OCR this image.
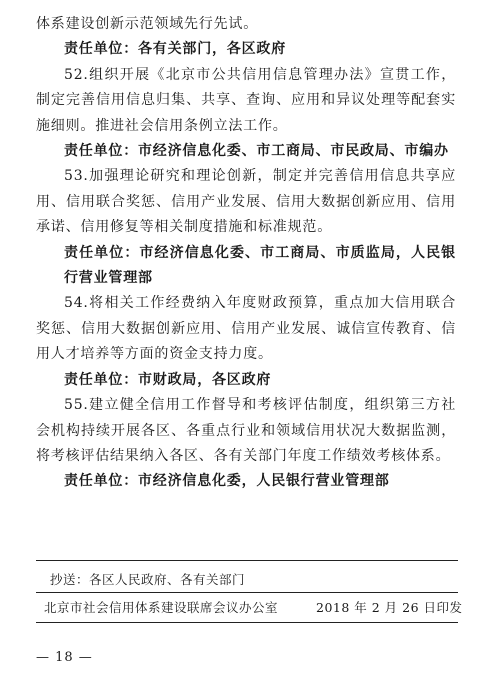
体系建设创新示范领域先行先试。

责任单位：各有关部门，各区政府

52.组织开展《北京市公共信用信息管理办法》宣贯工作，制定完善信用信息归集、共享、查询、应用和异议处理等配套实施细则。推进社会信用条例立法工作。

责任单位：市经济信息化委、市工商局、市民政局、市编办

53.加强理论研究和理论创新，制定并完善信用信息共享应用、信用联合奖惩、信用产业发展、信用大数据创新应用、信用承诺、信用修复等相关制度措施和标准规范。

责任单位：市经济信息化委、市工商局、市质监局，人民银行营业管理部

54.将相关工作经费纳入年度财政预算，重点加大信用联合奖惩、信用大数据创新应用、信用产业发展、诚信宣传教育、信用人才培养等方面的资金支持力度。

责任单位：市财政局，各区政府

55.建立健全信用工作督导和考核评估制度，组织第三方社会机构持续开展各区、各重点行业和领域信用状况大数据监测，将考核评估结果纳入各区、各有关部门年度工作绩效考核体系。

责任单位：市经济信息化委，人民银行营业管理部

抄送：各区人民政府、各有关部门
北京市社会信用体系建设联席会议办公室	2018 年 2 月 26 日印发
— 18 —
